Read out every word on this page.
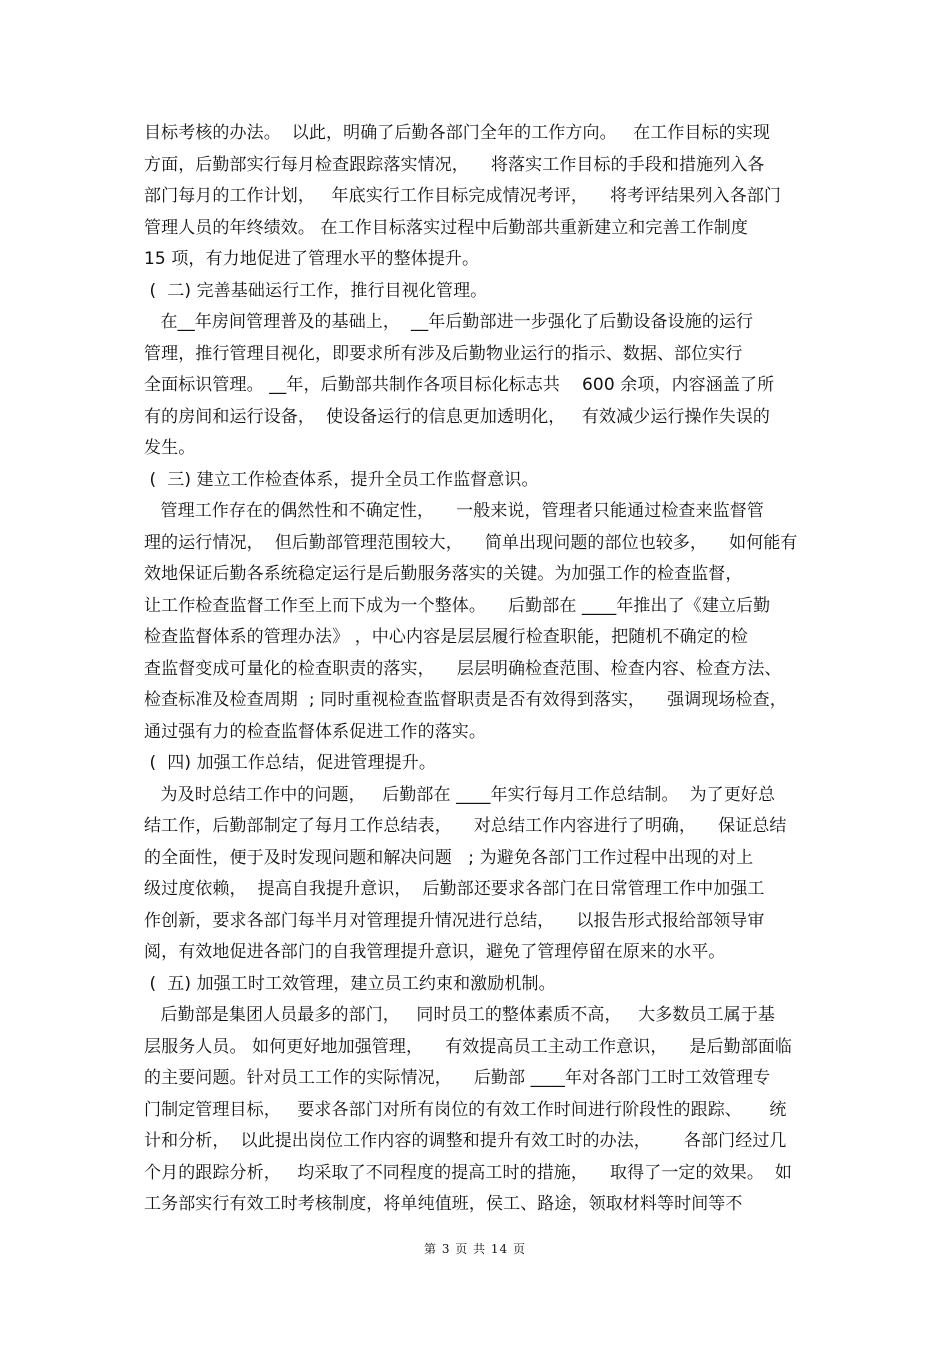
目标考核的办法。  以此，明确了后勤各部门全年的工作方向。   在工作目标的实现
方面，后勤部实行每月检查跟踪落实情况，    将落实工作目标的手段和措施列入各
部门每月的工作计划，   年底实行工作目标完成情况考评，    将考评结果列入各部门
管理人员的年终绩效。 在工作目标落实过程中后勤部共重新建立和完善工作制度
15 项，有力地促进了管理水平的整体提升。
(  二) 完善基础运行工作，推行目视化管理。
在__年房间管理普及的基础上，  __年后勤部进一步强化了后勤设备设施的运行
管理，推行管理目视化，即要求所有涉及后勤物业运行的指示、数据、部位实行
全面标识管理。 __年，后勤部共制作各项目标化标志共    600 余项，内容涵盖了所
有的房间和运行设备，  使设备运行的信息更加透明化，   有效减少运行操作失误的
发生。
(  三) 建立工作检查体系，提升全员工作监督意识。
管理工作存在的偶然性和不确定性，    一般来说，管理者只能通过检查来监督管
理的运行情况，  但后勤部管理范围较大，    简单出现问题的部位也较多，    如何能有
效地保证后勤各系统稳定运行是后勤服务落实的关键。为加强工作的检查监督，
让工作检查监督工作至上而下成为一个整体。    后勤部在 ____年推出了《建立后勤
检查监督体系的管理办法》 ，中心内容是层层履行检查职能，把随机不确定的检
查监督变成可量化的检查职责的落实，    层层明确检查范围、检查内容、检查方法、
检查标准及检查周期  ; 同时重视检查监督职责是否有效得到落实，    强调现场检查，
通过强有力的检查监督体系促进工作的落实。
(  四) 加强工作总结，促进管理提升。
为及时总结工作中的问题，   后勤部在 ____年实行每月工作总结制。  为了更好总
结工作，后勤部制定了每月工作总结表，    对总结工作内容进行了明确，    保证总结
的全面性，便于及时发现问题和解决问题   ; 为避免各部门工作过程中出现的对上
级过度依赖，  提高自我提升意识，  后勤部还要求各部门在日常管理工作中加强工
作创新，要求各部门每半月对管理提升情况进行总结，    以报告形式报给部领导审
阅，有效地促进各部门的自我管理提升意识，避免了管理停留在原来的水平。
(  五) 加强工时工效管理，建立员工约束和激励机制。
后勤部是集团人员最多的部门，   同时员工的整体素质不高，   大多数员工属于基
层服务人员。 如何更好地加强管理，    有效提高员工主动工作意识，    是后勤部面临
的主要问题。针对员工工作的实际情况，    后勤部 ____年对各部门工时工效管理专
门制定管理目标，   要求各部门对所有岗位的有效工作时间进行阶段性的跟踪、     统
计和分析，  以此提出岗位工作内容的调整和提升有效工时的办法，      各部门经过几
个月的跟踪分析，   均采取了不同程度的提高工时的措施，    取得了一定的效果。  如
工务部实行有效工时考核制度，将单纯值班，侯工、路途，领取材料等时间等不
第 3 页 共 14 页
